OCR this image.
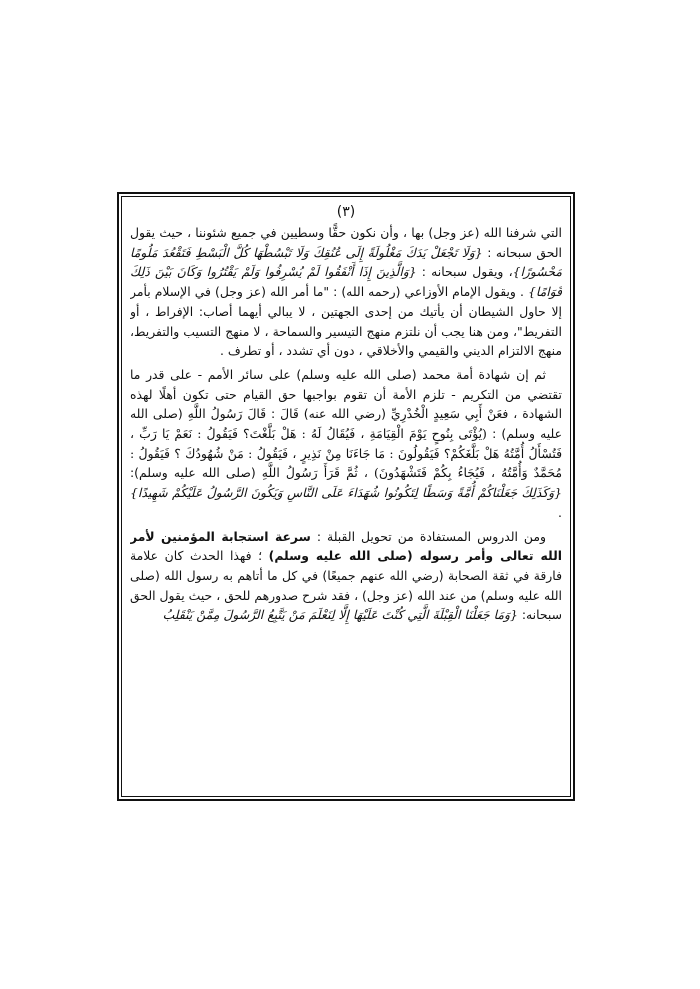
(٣)

التي شرفنا الله (عز وجل) بها ، وأن نكون حقًّا وسطيين في جميع شئوننا ، حيث يقول الحق سبحانه : {وَلَا تَجْعَلْ يَدَكَ مَغْلُولَةً إِلَى عُنُقِكَ وَلَا تَبْسُطْهَا كُلَّ الْبَسْطِ فَتَقْعُدَ مَلُومًا مَحْسُورًا}، ويقول سبحانه : {وَالَّذِينَ إِذَا أَنْفَقُوا لَمْ يُسْرِفُوا وَلَمْ يَقْتُرُوا وَكَانَ بَيْنَ ذَلِكَ قَوَامًا} . ويقول الإمام الأوزاعي (رحمه الله) : "ما أمر الله (عز وجل) في الإسلام بأمر إلا حاول الشيطان أن يأتيك من إحدى الجهتين ، لا يبالي أيهما أصاب: الإفراط ، أو التفريط"، ومن هنا يجب أن نلتزم منهج التيسير والسماحة ، لا منهج التسيب والتفريط، منهج الالتزام الديني والقيمي والأخلاقي ، دون أي تشدد ، أو تطرف .

ثم إن شهادة أمة محمد (صلى الله عليه وسلم) على سائر الأمم - على قدر ما تقتضي من التكريم - تلزم الأمة أن تقوم بواجبها حق القيام حتى تكون أهلًا لهذه الشهادة ، فعَنْ أَبِي سَعِيدٍ الْخُدْرِيِّ (رضي الله عنه) قَالَ : قَالَ رَسُولُ اللَّهِ (صلى الله عليه وسلم) : (يُؤْتَى بِنُوحٍ يَوْمَ الْقِيَامَةِ ، فَيُقَالُ لَهُ : هَلْ بَلَّغْتَ؟ فَيَقُولُ : نَعَمْ يَا رَبِّ ، فَتُسْأَلُ أُمَّتُهُ هَلْ بَلَّغَكُمْ؟ فَيَقُولُونَ : مَا جَاءَنَا مِنْ نَذِيرٍ ، فَيَقُولُ : مَنْ شُهُودُكَ ؟ فَيَقُولُ : مُحَمَّدٌ وَأُمَّتُهُ ، فَيُجَاءُ بِكُمْ فَتَشْهَدُونَ) ، ثُمَّ قَرَأَ رَسُولُ اللَّهِ (صلى الله عليه وسلم): {وَكَذَلِكَ جَعَلْنَاكُمْ أُمَّةً وَسَطًا لِتَكُونُوا شُهَدَاءَ عَلَى النَّاسِ وَيَكُونَ الرَّسُولُ عَلَيْكُمْ شَهِيدًا} .

ومن الدروس المستفادة من تحويل القبلة : سرعة استجابة المؤمنين لأمر الله تعالى وأمر رسوله (صلى الله عليه وسلم) ؛ فهذا الحدث كان علامة فارقة في ثقة الصحابة (رضي الله عنهم جميعًا) في كل ما أتاهم به رسول الله (صلى الله عليه وسلم) من عند الله (عز وجل) ، فقد شرح صدورهم للحق ، حيث يقول الحق سبحانه: {وَمَا جَعَلْنَا الْقِبْلَةَ الَّتِي كُنْتَ عَلَيْهَا إِلَّا لِنَعْلَمَ مَنْ يَتَّبِعُ الرَّسُولَ مِمَّنْ يَنْقَلِبُ
